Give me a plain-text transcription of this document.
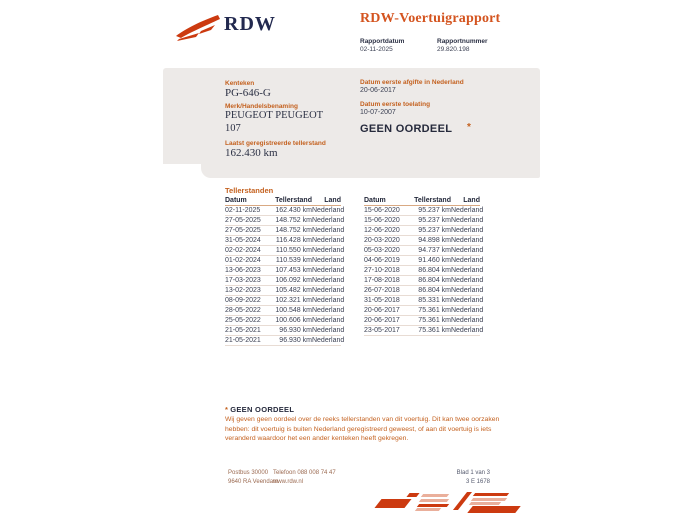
RDW	RDW-Voertuigrapport
Rapportdatum
02-11-2025
Rapportnummer
29.820.198
Kenteken
PG-646-G
Merk/Handelsbenaming
PEUGEOT PEUGEOT
107
Laatst geregistreerde tellerstand
162.430 km
Datum eerste afgifte in Nederland
20-06-2017
Datum eerste toelating
10-07-2007
GEEN OORDEEL *
Tellerstanden
Datum	Tellerstand	Land
02-11-2025	162.430 km Nederland
27-05-2025	148.752 km Nederland
27-05-2025	148.752 km Nederland
31-05-2024	116.428 km Nederland
02-02-2024	110.550 km Nederland
01-02-2024	110.539 km Nederland
13-06-2023	107.453 km Nederland
17-03-2023	106.092 km Nederland
13-02-2023	105.482 km Nederland
08-09-2022	102.321 km Nederland
28-05-2022	100.548 km Nederland
25-05-2022	100.606 km Nederland
21-05-2021	96.930 km Nederland
21-05-2021	96.930 km Nederland
Datum	Tellerstand	Land
15-06-2020	95.237 km Nederland
15-06-2020	95.237 km Nederland
12-06-2020	95.237 km Nederland
20-03-2020	94.898 km Nederland
05-03-2020	94.737 km Nederland
04-06-2019	91.460 km Nederland
27-10-2018	86.804 km Nederland
17-08-2018	86.804 km Nederland
26-07-2018	86.804 km Nederland
31-05-2018	85.331 km Nederland
20-06-2017	75.361 km Nederland
20-06-2017	75.361 km Nederland
23-05-2017	75.361 km Nederland
* GEEN OORDEEL
Wij geven geen oordeel over de reeks tellerstanden van dit voertuig. Dit kan twee oorzaken hebben: dit voertuig is buiten Nederland geregistreerd geweest, of aan dit voertuig is iets veranderd waardoor het een ander kenteken heeft gekregen.
Postbus 30000
9640 RA Veendam
Telefoon 088 008 74 47
www.rdw.nl
Blad 1 van 3
3 E 1678
